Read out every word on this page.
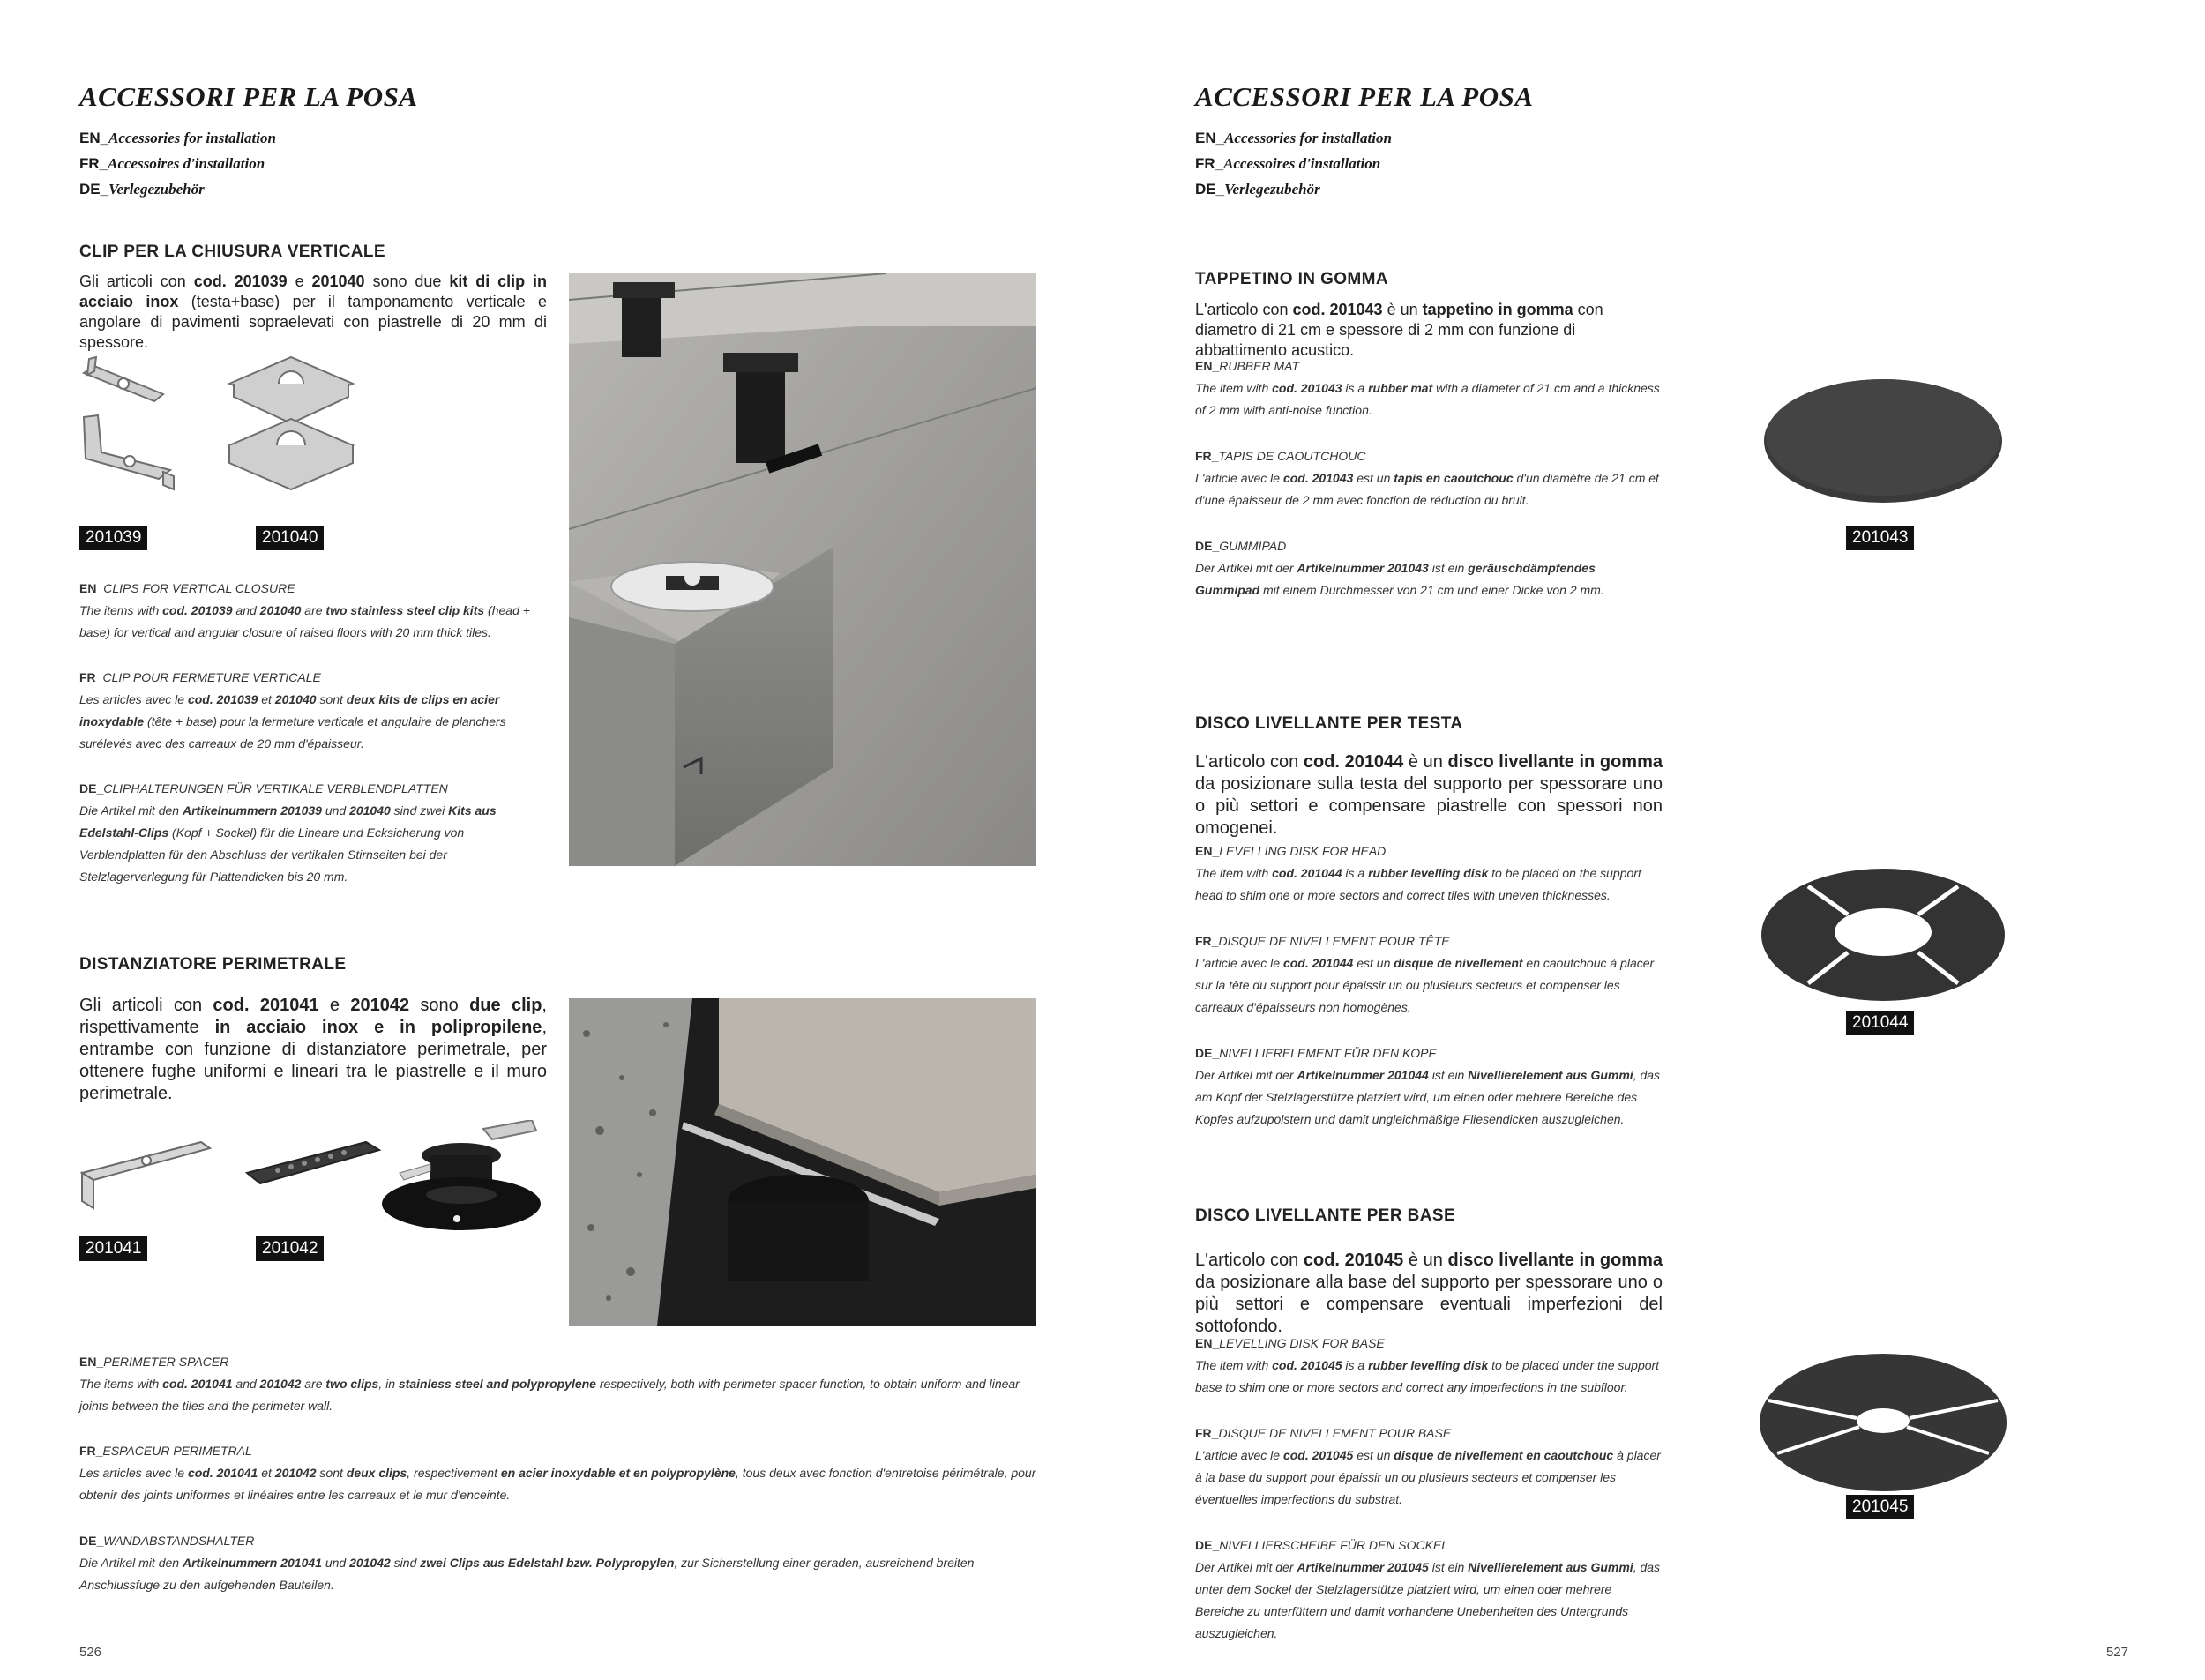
ACCESSORI PER LA POSA
EN_Accessories for installation
FR_Accessoires d'installation
DE_Verlegezubehör
CLIP PER LA CHIUSURA VERTICALE
Gli articoli con cod. 201039 e 201040 sono due kit di clip in acciaio inox (testa+base) per il tamponamento verticale e angolare di pavimenti sopraelevati con piastrelle di 20 mm di spessore.
201039	201040
EN_CLIPS FOR VERTICAL CLOSURE
The items with cod. 201039 and 201040 are two stainless steel clip kits (head + base) for vertical and angular closure of raised floors with 20 mm thick tiles.
FR_CLIP POUR FERMETURE VERTICALE
Les articles avec le cod. 201039 et 201040 sont deux kits de clips en acier inoxydable (tête + base) pour la fermeture verticale et angulaire de planchers surélevés avec des carreaux de 20 mm d'épaisseur.
DE_CLIPHALTERUNGEN FÜR VERTIKALE VERBLENDPLATTEN
Die Artikel mit den Artikelnummern 201039 und 201040 sind zwei Kits aus Edelstahl-Clips (Kopf + Sockel) für die Lineare und Ecksicherung von Verblendplatten für den Abschluss der vertikalen Stirnseiten bei der Stelzlagerverlegung für Plattendicken bis 20 mm.
DISTANZIATORE PERIMETRALE
Gli articoli con cod. 201041 e 201042 sono due clip, rispettivamente in acciaio inox e in polipropilene, entrambe con funzione di distanziatore perimetrale, per ottenere fughe uniformi e lineari tra le piastrelle e il muro perimetrale.
201041	201042
EN_PERIMETER SPACER
The items with cod. 201041 and 201042 are two clips, in stainless steel and polypropylene respectively, both with perimeter spacer function, to obtain uniform and linear joints between the tiles and the perimeter wall.
FR_ESPACEUR PERIMETRAL
Les articles avec le cod. 201041 et 201042 sont deux clips, respectivement en acier inoxydable et en polypropylène, tous deux avec fonction d'entretoise périmétrale, pour obtenir des joints uniformes et linéaires entre les carreaux et le mur d'enceinte.
DE_WANDABSTANDSHALTER
Die Artikel mit den Artikelnummern 201041 und 201042 sind zwei Clips aus Edelstahl bzw. Polypropylen, zur Sicherstellung einer geraden, ausreichend breiten Anschlussfuge zu den aufgehenden Bauteilen.
526
ACCESSORI PER LA POSA
EN_Accessories for installation
FR_Accessoires d'installation
DE_Verlegezubehör
TAPPETINO IN GOMMA
L'articolo con cod. 201043 è un tappetino in gomma con diametro di 21 cm e spessore di 2 mm con funzione di abbattimento acustico.
EN_RUBBER MAT
The item with cod. 201043 is a rubber mat with a diameter of 21 cm and a thickness of 2 mm with anti-noise function.
FR_TAPIS DE CAOUTCHOUC
L'article avec le cod. 201043 est un tapis en caoutchouc d'un diamètre de 21 cm et d'une épaisseur de 2 mm avec fonction de réduction du bruit.
DE_GUMMIPAD
Der Artikel mit der Artikelnummer 201043 ist ein geräuschdämpfendes Gummipad mit einem Durchmesser von 21 cm und einer Dicke von 2 mm.
201043
DISCO LIVELLANTE PER TESTA
L'articolo con cod. 201044 è un disco livellante in gomma da posizionare sulla testa del supporto per spessorare uno o più settori e compensare piastrelle con spessori non omogenei.
EN_LEVELLING DISK FOR HEAD
The item with cod. 201044 is a rubber levelling disk to be placed on the support head to shim one or more sectors and correct tiles with uneven thicknesses.
FR_DISQUE DE NIVELLEMENT POUR TÊTE
L'article avec le cod. 201044 est un disque de nivellement en caoutchouc à placer sur la tête du support pour épaissir un ou plusieurs secteurs et compenser les carreaux d'épaisseurs non homogènes.
DE_NIVELLIERELEMENT FÜR DEN KOPF
Der Artikel mit der Artikelnummer 201044 ist ein Nivellierelement aus Gummi, das am Kopf der Stelzlagerstütze platziert wird, um einen oder mehrere Bereiche des Kopfes aufzupolstern und damit ungleichmäßige Fliesendicken auszugleichen.
201044
DISCO LIVELLANTE PER BASE
L'articolo con cod. 201045 è un disco livellante in gomma da posizionare alla base del supporto per spessorare uno o più settori e compensare eventuali imperfezioni del sottofondo.
EN_LEVELLING DISK FOR BASE
The item with cod. 201045 is a rubber levelling disk to be placed under the support base to shim one or more sectors and correct any imperfections in the subfloor.
FR_DISQUE DE NIVELLEMENT POUR BASE
L'article avec le cod. 201045 est un disque de nivellement en caoutchouc à placer à la base du support pour épaissir un ou plusieurs secteurs et compenser les éventuelles imperfections du substrat.
DE_NIVELLIERSCHEIBE FÜR DEN SOCKEL
Der Artikel mit der Artikelnummer 201045 ist ein Nivellierelement aus Gummi, das unter dem Sockel der Stelzlagerstütze platziert wird, um einen oder mehrere Bereiche zu unterfüttern und damit vorhandene Unebenheiten des Untergrunds auszugleichen.
201045
527
